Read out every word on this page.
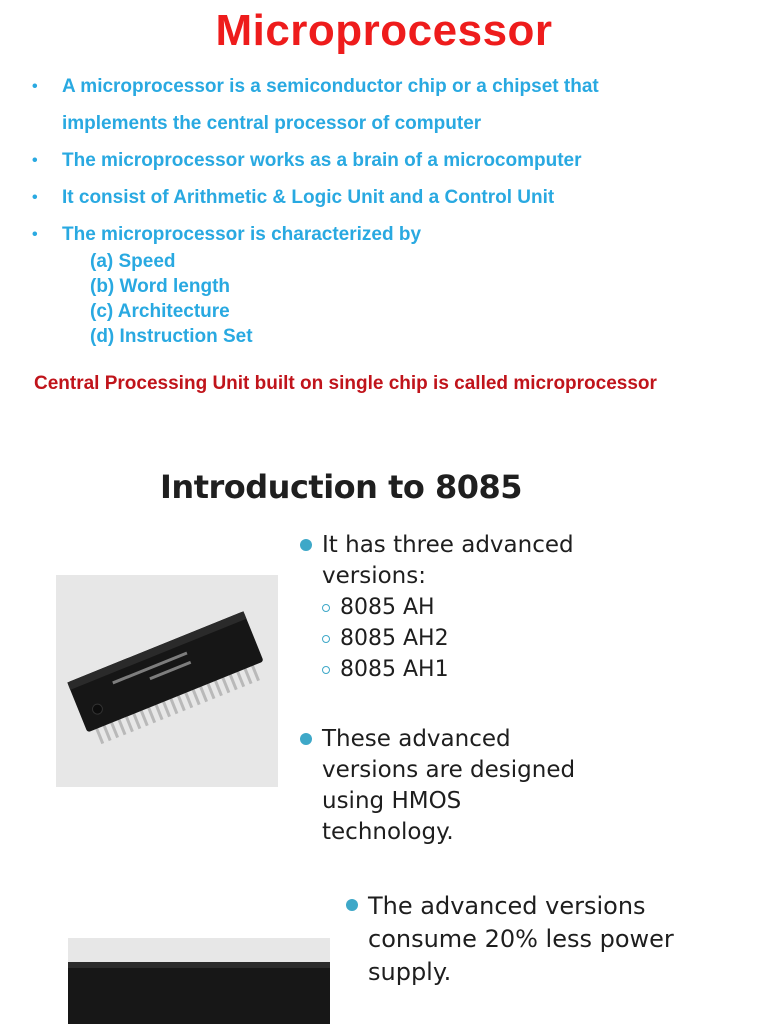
Microprocessor

• A microprocessor is a semiconductor chip or a chipset that
implements the central processor of computer

• The microprocessor works as a brain of a microcomputer

• It consist of Arithmetic & Logic Unit and a Control Unit

• The microprocessor is characterized by

(a) Speed

(b) Word length

(c) Architecture

(d) Instruction Set

Central Processing Unit built on single chip is called microprocessor
Introduction to 8085

It has three advanced versions:

8085 AH

8085 AH2

8085 AH1

These advanced versions are designed using HMOS technology.

The advanced versions consume 20% less power supply.
